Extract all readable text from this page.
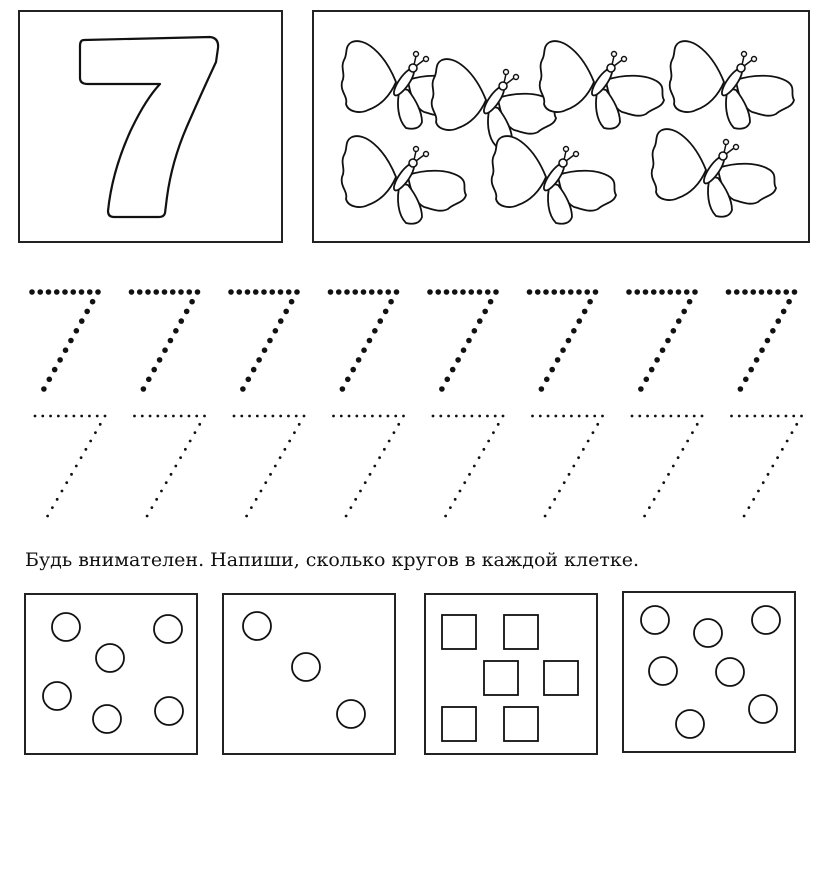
Будь внимателен. Напиши, сколько кругов в каждой клетке.
